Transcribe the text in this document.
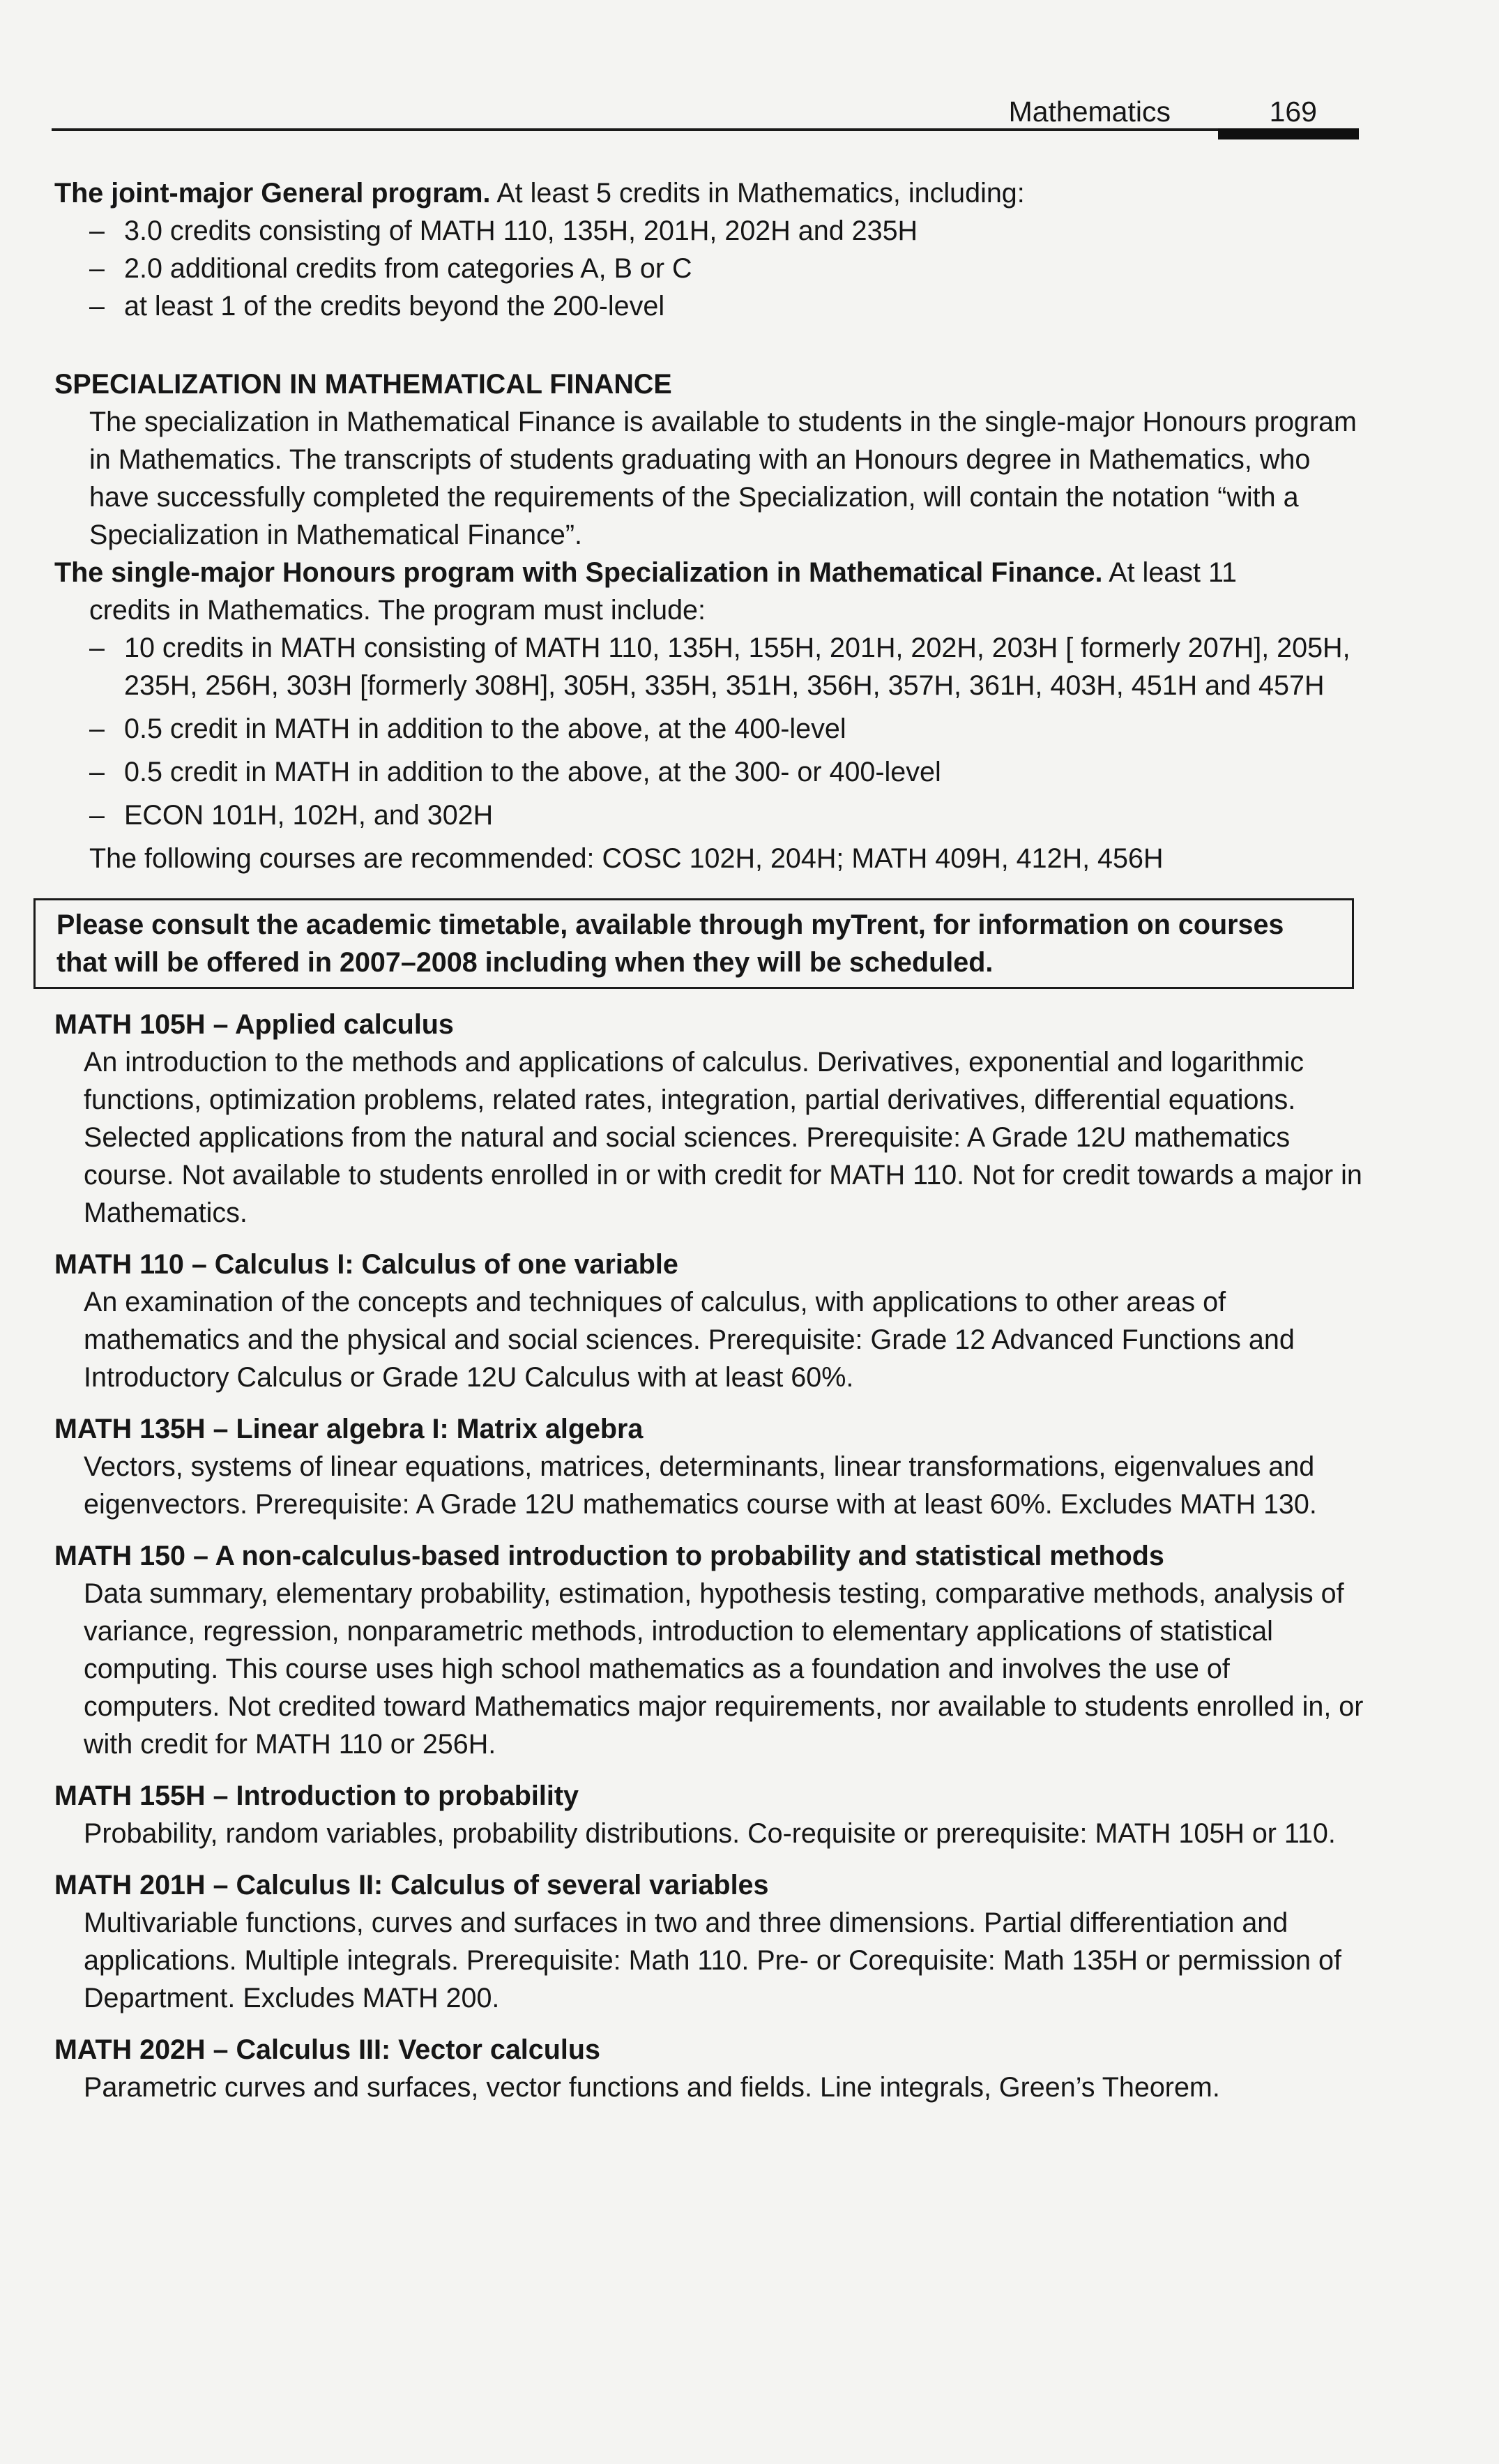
Mathematics	169

The joint-major General program. At least 5 credits in Mathematics, including:

– 3.0 credits consisting of MATH 110, 135H, 201H, 202H and 235H
– 2.0 additional credits from categories A, B or C
– at least 1 of the credits beyond the 200-level

SPECIALIZATION IN MATHEMATICAL FINANCE

The specialization in Mathematical Finance is available to students in the single-major Honours program in Mathematics. The transcripts of students graduating with an Honours degree in Mathematics, who have successfully completed the requirements of the Specialization, will contain the notation “with a Specialization in Mathematical Finance”.

The single-major Honours program with Specialization in Mathematical Finance. At least 11

credits in Mathematics. The program must include:

– 10 credits in MATH consisting of MATH 110, 135H, 155H, 201H, 202H, 203H [ formerly 207H], 205H, 235H, 256H, 303H [formerly 308H], 305H, 335H, 351H, 356H, 357H, 361H, 403H, 451H and 457H
– 0.5 credit in MATH in addition to the above, at the 400-level
– 0.5 credit in MATH in addition to the above, at the 300- or 400-level
– ECON 101H, 102H, and 302H

The following courses are recommended: COSC 102H, 204H; MATH 409H, 412H, 456H

Please consult the academic timetable, available through myTrent, for information on courses that will be offered in 2007–2008 including when they will be scheduled.

MATH 105H – Applied calculus

An introduction to the methods and applications of calculus. Derivatives, exponential and logarithmic functions, optimization problems, related rates, integration, partial derivatives, differential equations. Selected applications from the natural and social sciences. Prerequisite: A Grade 12U mathematics course. Not available to students enrolled in or with credit for MATH 110. Not for credit towards a major in Mathematics.

MATH 110 – Calculus I: Calculus of one variable

An examination of the concepts and techniques of calculus, with applications to other areas of mathematics and the physical and social sciences. Prerequisite: Grade 12 Advanced Functions and Introductory Calculus or Grade 12U Calculus with at least 60%.

MATH 135H – Linear algebra I: Matrix algebra

Vectors, systems of linear equations, matrices, determinants, linear transformations, eigenvalues and eigenvectors. Prerequisite: A Grade 12U mathematics course with at least 60%. Excludes MATH 130.

MATH 150 – A non-calculus-based introduction to probability and statistical methods

Data summary, elementary probability, estimation, hypothesis testing, comparative methods, analysis of variance, regression, nonparametric methods, introduction to elementary applications of statistical computing. This course uses high school mathematics as a foundation and involves the use of computers. Not credited toward Mathematics major requirements, nor available to students enrolled in, or with credit for MATH 110 or 256H.

MATH 155H – Introduction to probability

Probability, random variables, probability distributions. Co-requisite or prerequisite: MATH 105H or 110.

MATH 201H – Calculus II: Calculus of several variables

Multivariable functions, curves and surfaces in two and three dimensions. Partial differentiation and applications. Multiple integrals. Prerequisite: Math 110. Pre- or Corequisite: Math 135H or permission of Department. Excludes MATH 200.

MATH 202H – Calculus III: Vector calculus

Parametric curves and surfaces, vector functions and fields. Line integrals, Green’s Theorem.
